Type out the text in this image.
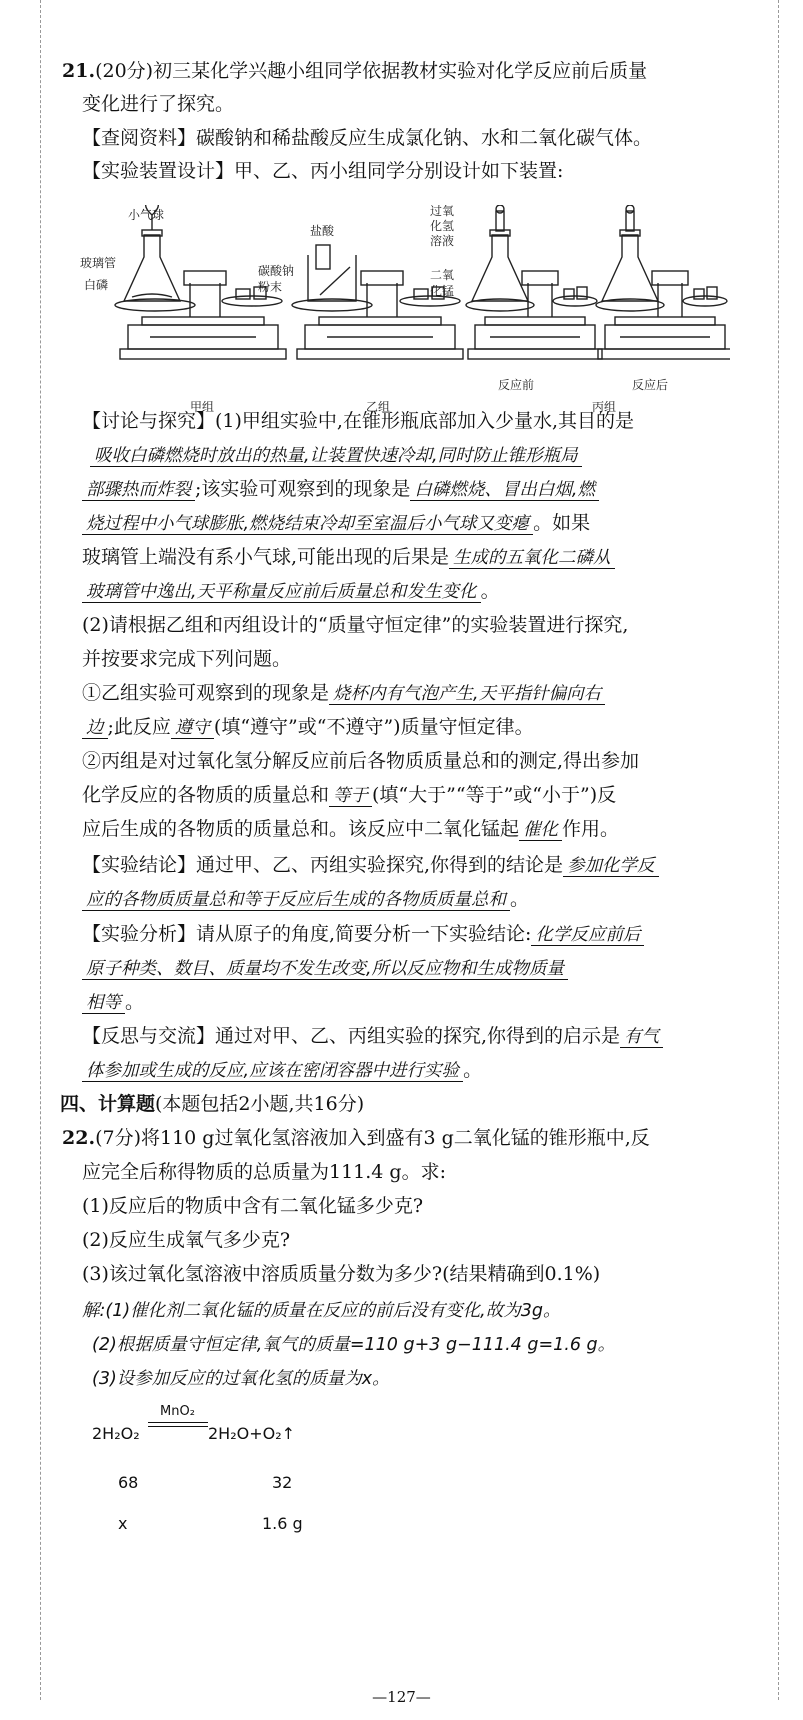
21.(20分)初三某化学兴趣小组同学依据教材实验对化学反应前后质量
变化进行了探究。
【查阅资料】碳酸钠和稀盐酸反应生成氯化钠、水和二氧化碳气体。
【实验装置设计】甲、乙、丙小组同学分别设计如下装置:
小气球
玻璃管
白磷
盐酸
碳酸钠
粉末
过氧
化氢
溶液
二氧
化锰
反应前	反应后
甲组	乙组	丙组
【讨论与探究】(1)甲组实验中,在锥形瓶底部加入少量水,其目的是
吸收白磷燃烧时放出的热量,让装置快速冷却,同时防止锥形瓶局
部骤热而炸裂 ;该实验可观察到的现象是 白磷燃烧、冒出白烟,燃
烧过程中小气球膨胀,燃烧结束冷却至室温后小气球又变瘪 。如果
玻璃管上端没有系小气球,可能出现的后果是 生成的五氧化二磷从
玻璃管中逸出,天平称量反应前后质量总和发生变化 。
(2)请根据乙组和丙组设计的“质量守恒定律”的实验装置进行探究,
并按要求完成下列问题。
①乙组实验可观察到的现象是 烧杯内有气泡产生,天平指针偏向右
边 ;此反应 遵守 (填“遵守”或“不遵守”)质量守恒定律。
②丙组是对过氧化氢分解反应前后各物质质量总和的测定,得出参加
化学反应的各物质的质量总和 等于 (填“大于”“等于”或“小于”)反
应后生成的各物质的质量总和。该反应中二氧化锰起 催化 作用。
【实验结论】通过甲、乙、丙组实验探究,你得到的结论是 参加化学反
应的各物质质量总和等于反应后生成的各物质质量总和 。
【实验分析】请从原子的角度,简要分析一下实验结论: 化学反应前后
原子种类、数目、质量均不发生改变,所以反应物和生成物质量
相等 。
【反思与交流】通过对甲、乙、丙组实验的探究,你得到的启示是 有气
体参加或生成的反应,应该在密闭容器中进行实验 。
四、计算题(本题包括2小题,共16分)
22.(7分)将110 g过氧化氢溶液加入到盛有3 g二氧化锰的锥形瓶中,反
应完全后称得物质的总质量为111.4 g。求:
(1)反应后的物质中含有二氧化锰多少克?
(2)反应生成氧气多少克?
(3)该过氧化氢溶液中溶质质量分数为多少?(结果精确到0.1%)
解:(1)催化剂二氧化锰的质量在反应的前后没有变化,故为3g。
(2)根据质量守恒定律,氧气的质量=110 g+3 g−111.4 g=1.6 g。
(3)设参加反应的过氧化氢的质量为x。
MnO₂
2H₂O₂	2H₂O+O₂↑
68	32
x	1.6 g
—127—
